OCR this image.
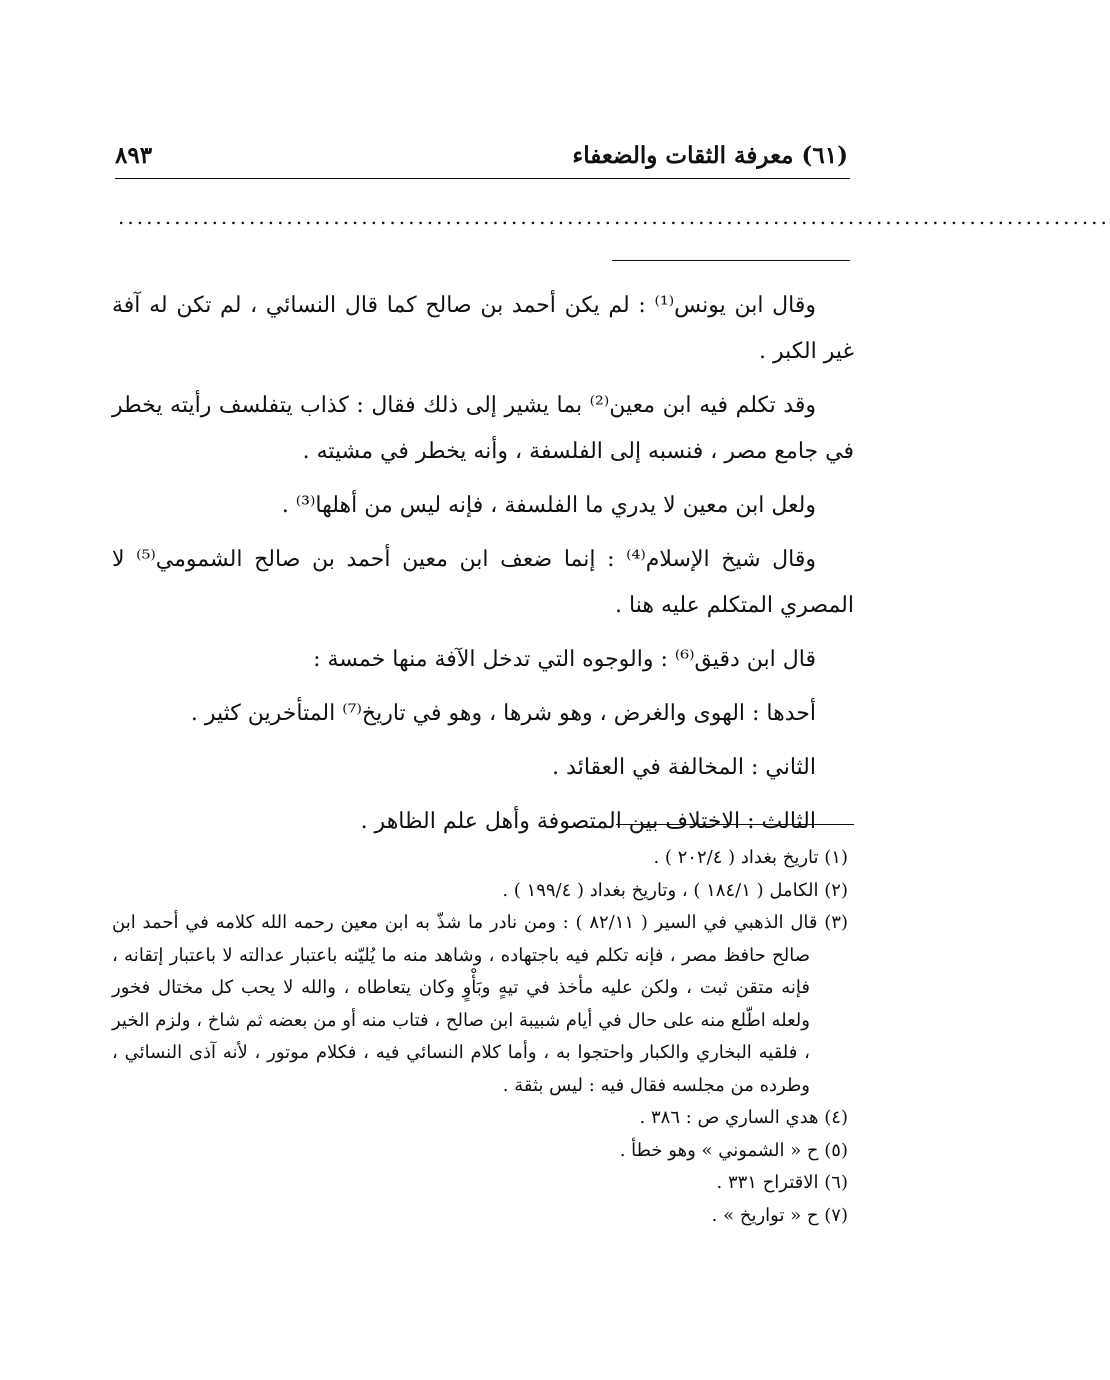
(٦١) معرفة الثقات والضعفاء
٨٩٣
..........................................................................................................

وقال ابن يونس⁽¹⁾ : لم يكن أحمد بن صالح كما قال النسائي ، لم تكن له آفة غير الكبر .

وقد تكلم فيه ابن معين⁽²⁾ بما يشير إلى ذلك فقال : كذاب يتفلسف رأيته يخطر في جامع مصر ، فنسبه إلى الفلسفة ، وأنه يخطر في مشيته .

ولعل ابن معين لا يدري ما الفلسفة ، فإنه ليس من أهلها⁽³⁾ .

وقال شيخ الإسلام⁽⁴⁾ : إنما ضعف ابن معين أحمد بن صالح الشمومي⁽⁵⁾ لا المصري المتكلم عليه هنا .

قال ابن دقيق⁽⁶⁾ : والوجوه التي تدخل الآفة منها خمسة :

أحدها : الهوى والغرض ، وهو شرها ، وهو في تاريخ⁽⁷⁾ المتأخرين كثير .

الثاني : المخالفة في العقائد .

الثالث : الاختلاف بين المتصوفة وأهل علم الظاهر .

(١) تاريخ بغداد ( ٢٠٢/٤ ) .

(٢) الكامل ( ١٨٤/١ ) ، وتاريخ بغداد ( ١٩٩/٤ ) .

(٣) قال الذهبي في السير ( ٨٢/١١ ) : ومن نادر ما شذّ به ابن معين رحمه الله كلامه في أحمد ابن صالح حافظ مصر ، فإنه تكلم فيه باجتهاده ، وشاهد منه ما يُليّنه باعتبار عدالته لا باعتبار إتقانه ، فإنه متقن ثبت ، ولكن عليه مأخذ في تيهٍ وبَأْوٍ وكان يتعاطاه ، والله لا يحب كل مختال فخور ولعله اطّلع منه على حال في أيام شبيبة ابن صالح ، فتاب منه أو من بعضه ثم شاخ ، ولزم الخير ، فلقيه البخاري والكبار واحتجوا به ، وأما كلام النسائي فيه ، فكلام موتور ، لأنه آذى النسائي ، وطرده من مجلسه فقال فيه : ليس بثقة .

(٤) هدي الساري ص : ٣٨٦ .

(٥) ح « الشموني » وهو خطأ .

(٦) الاقتراح ٣٣١ .

(٧) ح « تواريخ » .
